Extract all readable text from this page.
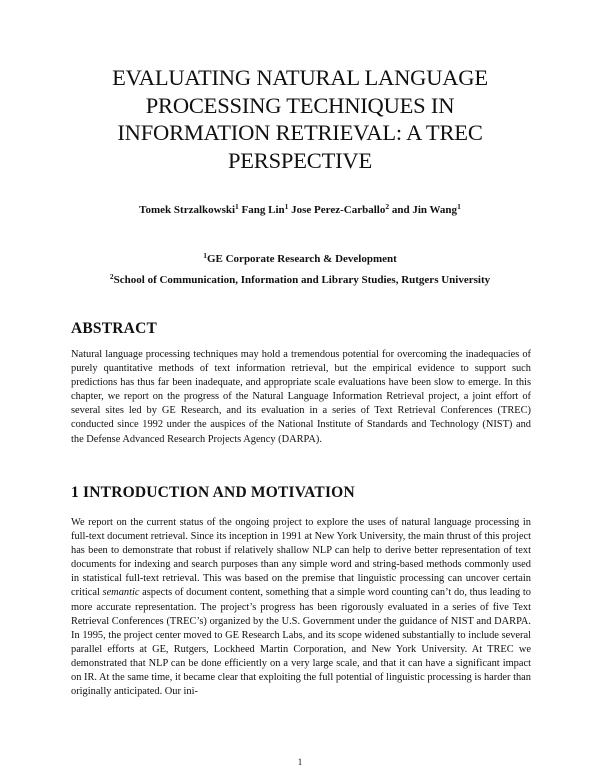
EVALUATING NATURAL LANGUAGE
PROCESSING TECHNIQUES IN
INFORMATION RETRIEVAL: A TREC
PERSPECTIVE
Tomek Strzalkowski$^1$ Fang Lin$^1$ Jose Perez-Carballo$^2$ and Jin Wang$^1$
$^1$GE Corporate Research & Development
$^2$School of Communication, Information and Library Studies, Rutgers University
ABSTRACT
Natural language processing techniques may hold a tremendous potential for overcoming the inadequacies of purely quantitative methods of text information retrieval, but the empirical evidence to support such predictions has thus far been inadequate, and appropriate scale evaluations have been slow to emerge. In this chapter, we report on the progress of the Natural Language Information Retrieval project, a joint effort of several sites led by GE Research, and its evaluation in a series of Text Retrieval Conferences (TREC) conducted since 1992 under the auspices of the National Institute of Standards and Technology (NIST) and the Defense Advanced Research Projects Agency (DARPA).
1 INTRODUCTION AND MOTIVATION
We report on the current status of the ongoing project to explore the uses of natural language processing in full-text document retrieval. Since its inception in 1991 at New York University, the main thrust of this project has been to demonstrate that robust if relatively shallow NLP can help to derive better representation of text documents for indexing and search purposes than any simple word and string-based methods commonly used in statistical full-text retrieval. This was based on the premise that linguistic processing can uncover certain critical semantic aspects of document content, something that a simple word counting can’t do, thus leading to more accurate representation. The project’s progress has been rigorously evaluated in a series of five Text Retrieval Conferences (TREC’s) organized by the U.S. Government under the guidance of NIST and DARPA. In 1995, the project center moved to GE Research Labs, and its scope widened substantially to include several parallel efforts at GE, Rutgers, Lockheed Martin Corporation, and New York University. At TREC we demonstrated that NLP can be done efficiently on a very large scale, and that it can have a significant impact on IR. At the same time, it became clear that exploiting the full potential of linguistic processing is harder than originally anticipated. Our ini-
1
